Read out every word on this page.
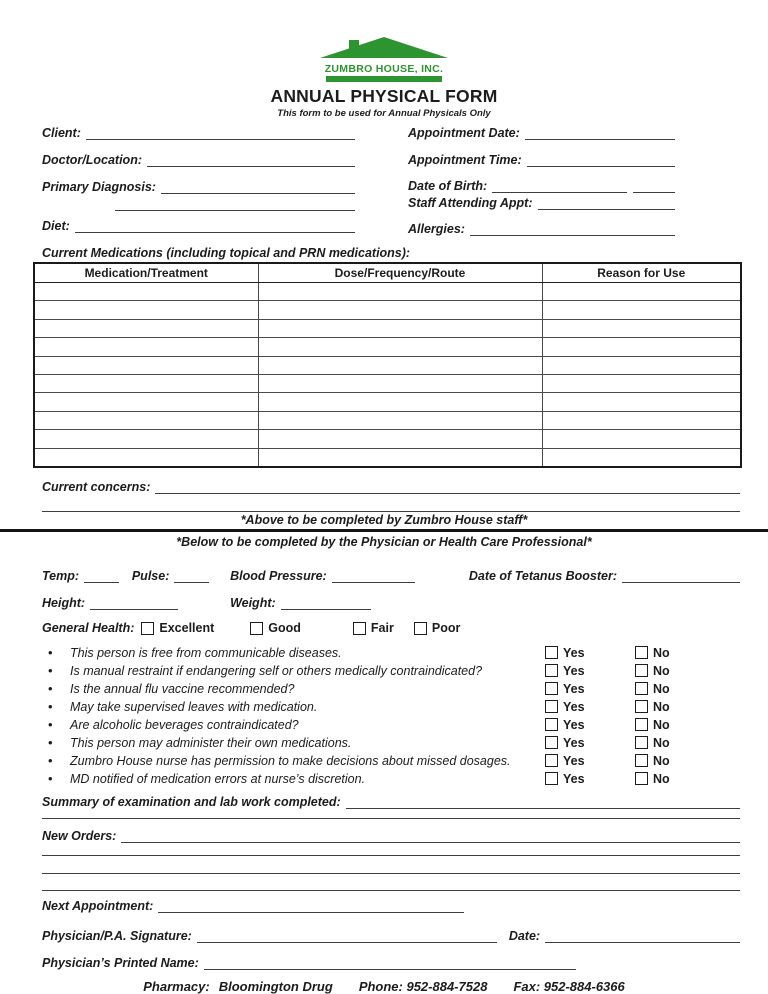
ZUMBRO HOUSE, INC.
ANNUAL PHYSICAL FORM
This form to be used for Annual Physicals Only
Client:
Doctor/Location:
Primary Diagnosis:
Diet:
Appointment Date:
Appointment Time:
Date of Birth:
Staff Attending Appt:
Allergies:
Current Medications (including topical and PRN medications):
Medication/Treatment	Dose/Frequency/Route	Reason for Use

Current concerns:
*Above to be completed by Zumbro House staff*
*Below to be completed by the Physician or Health Care Professional*
Temp:	Pulse:	Blood Pressure:	Date of Tetanus Booster:
Height:	Weight:
General Health:	Excellent	Good	Fair	Poor
•
This person is free from communicable diseases.	Yes	No
•
Is manual restraint if endangering self or others medically contraindicated?	Yes	No
•
Is the annual flu vaccine recommended?	Yes	No
•
May take supervised leaves with medication.	Yes	No
•
Are alcoholic beverages contraindicated?	Yes	No
•
This person may administer their own medications.	Yes	No
•
Zumbro House nurse has permission to make decisions about missed dosages.	Yes	No
•
MD notified of medication errors at nurse’s discretion.	Yes	No
Summary of examination and lab work completed:
New Orders:
Next Appointment:
Physician/P.A. Signature:	Date:
Physician’s Printed Name:
Pharmacy: Bloomington Drug Phone: 952-884-7528 Fax: 952-884-6366
